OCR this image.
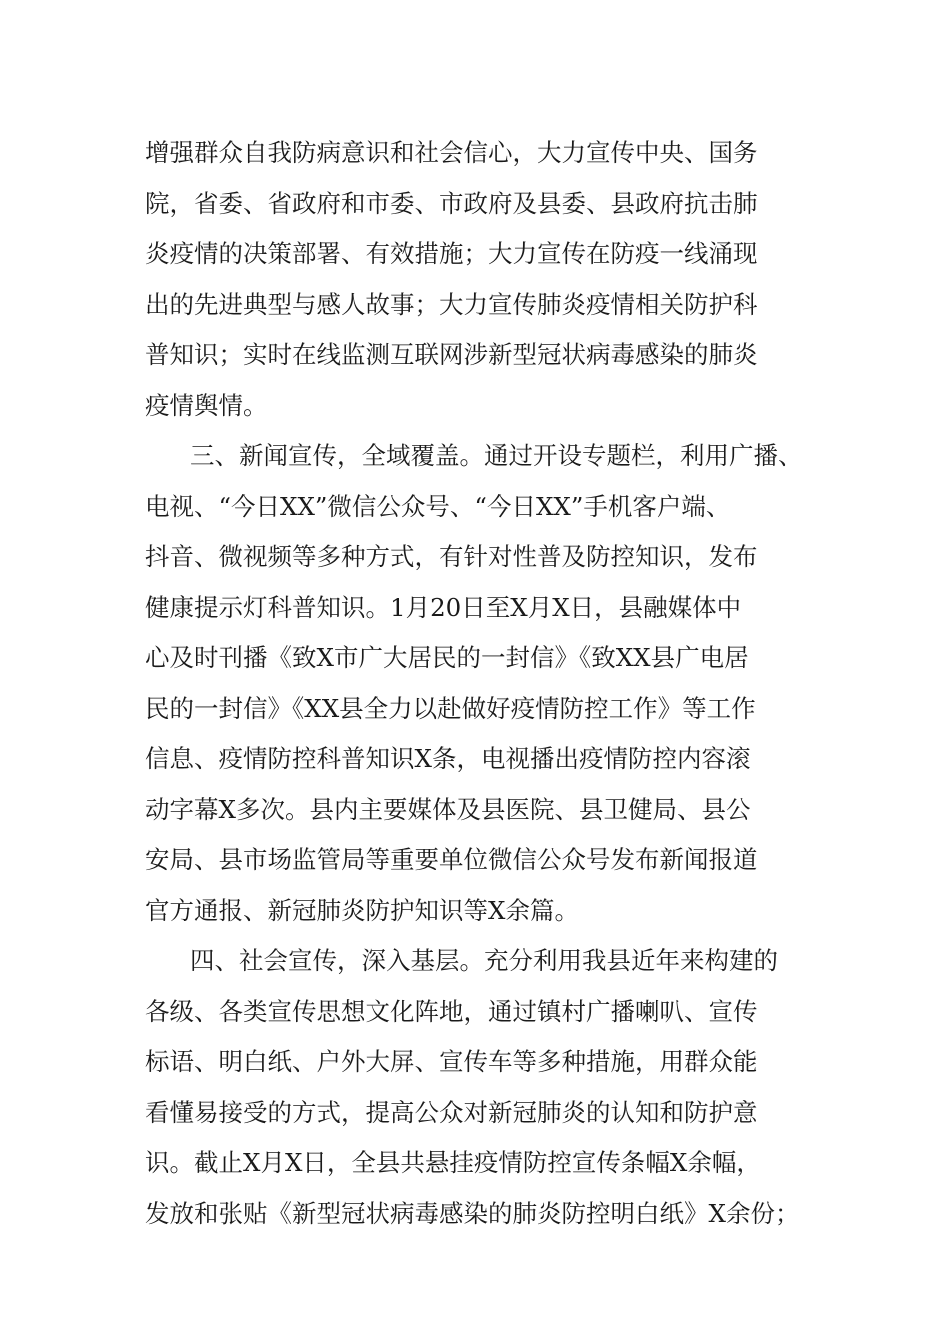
增强群众自我防病意识和社会信心，大力宣传中央、国务
院，省委、省政府和市委、市政府及县委、县政府抗击肺
炎疫情的决策部署、有效措施；大力宣传在防疫一线涌现
出的先进典型与感人故事；大力宣传肺炎疫情相关防护科
普知识；实时在线监测互联网涉新型冠状病毒感染的肺炎
疫情舆情。

三、新闻宣传，全域覆盖。通过开设专题栏，利用广播、
电视、“今日XX”微信公众号、“今日XX”手机客户端、
抖音、微视频等多种方式，有针对性普及防控知识，发布
健康提示灯科普知识。1月20日至X月X日，县融媒体中
心及时刊播《致X市广大居民的一封信》《致XX县广电居
民的一封信》《XX县全力以赴做好疫情防控工作》等工作
信息、疫情防控科普知识X条，电视播出疫情防控内容滚
动字幕X多次。县内主要媒体及县医院、县卫健局、县公
安局、县市场监管局等重要单位微信公众号发布新闻报道
官方通报、新冠肺炎防护知识等X余篇。

四、社会宣传，深入基层。充分利用我县近年来构建的
各级、各类宣传思想文化阵地，通过镇村广播喇叭、宣传
标语、明白纸、户外大屏、宣传车等多种措施，用群众能
看懂易接受的方式，提高公众对新冠肺炎的认知和防护意
识。截止X月X日，全县共悬挂疫情防控宣传条幅X余幅，
发放和张贴《新型冠状病毒感染的肺炎防控明白纸》X余份；
